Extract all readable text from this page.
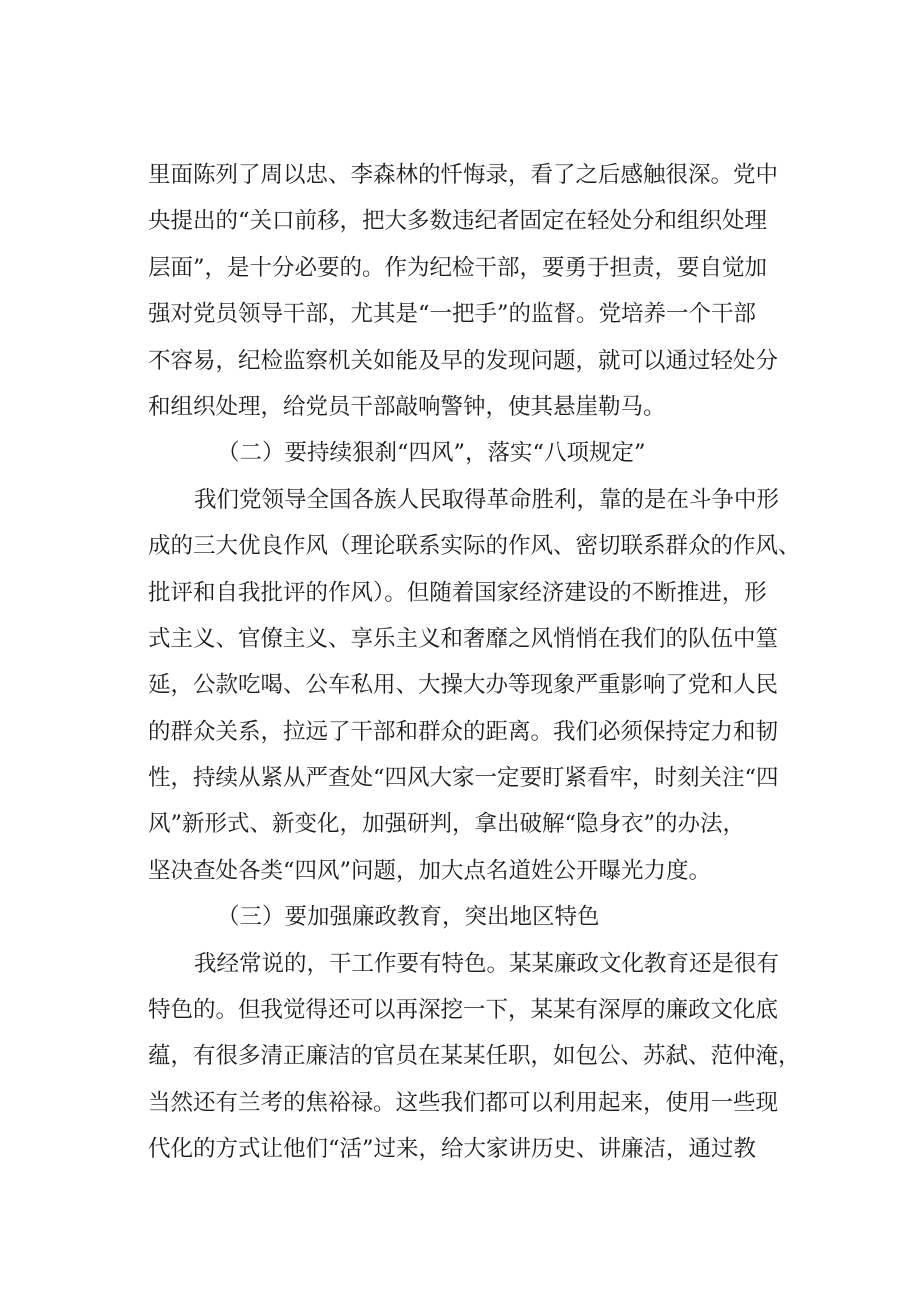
里面陈列了周以忠、李森林的忏悔录，看了之后感触很深。党中
央提出的“关口前移，把大多数违纪者固定在轻处分和组织处理
层面”，是十分必要的。作为纪检干部，要勇于担责，要自觉加
强对党员领导干部，尤其是“一把手”的监督。党培养一个干部
不容易，纪检监察机关如能及早的发现问题，就可以通过轻处分
和组织处理，给党员干部敲响警钟，使其悬崖勒马。

（二）要持续狠刹“四风”，落实“八项规定”

我们党领导全国各族人民取得革命胜利，靠的是在斗争中形
成的三大优良作风（理论联系实际的作风、密切联系群众的作风、
批评和自我批评的作风）。但随着国家经济建设的不断推进，形
式主义、官僚主义、享乐主义和奢靡之风悄悄在我们的队伍中篁
延，公款吃喝、公车私用、大操大办等现象严重影响了党和人民
的群众关系，拉远了干部和群众的距离。我们必须保持定力和韧
性，持续从紧从严查处“四风大家一定要盯紧看牢，时刻关注“四
风”新形式、新变化，加强研判，拿出破解“隐身衣”的办法，
坚决查处各类“四风”问题，加大点名道姓公开曝光力度。

（三）要加强廉政教育，突出地区特色

我经常说的，干工作要有特色。某某廉政文化教育还是很有
特色的。但我觉得还可以再深挖一下，某某有深厚的廉政文化底
蕴，有很多清正廉洁的官员在某某任职，如包公、苏弑、范仲淹，
当然还有兰考的焦裕禄。这些我们都可以利用起来，使用一些现
代化的方式让他们“活”过来，给大家讲历史、讲廉洁，通过教
